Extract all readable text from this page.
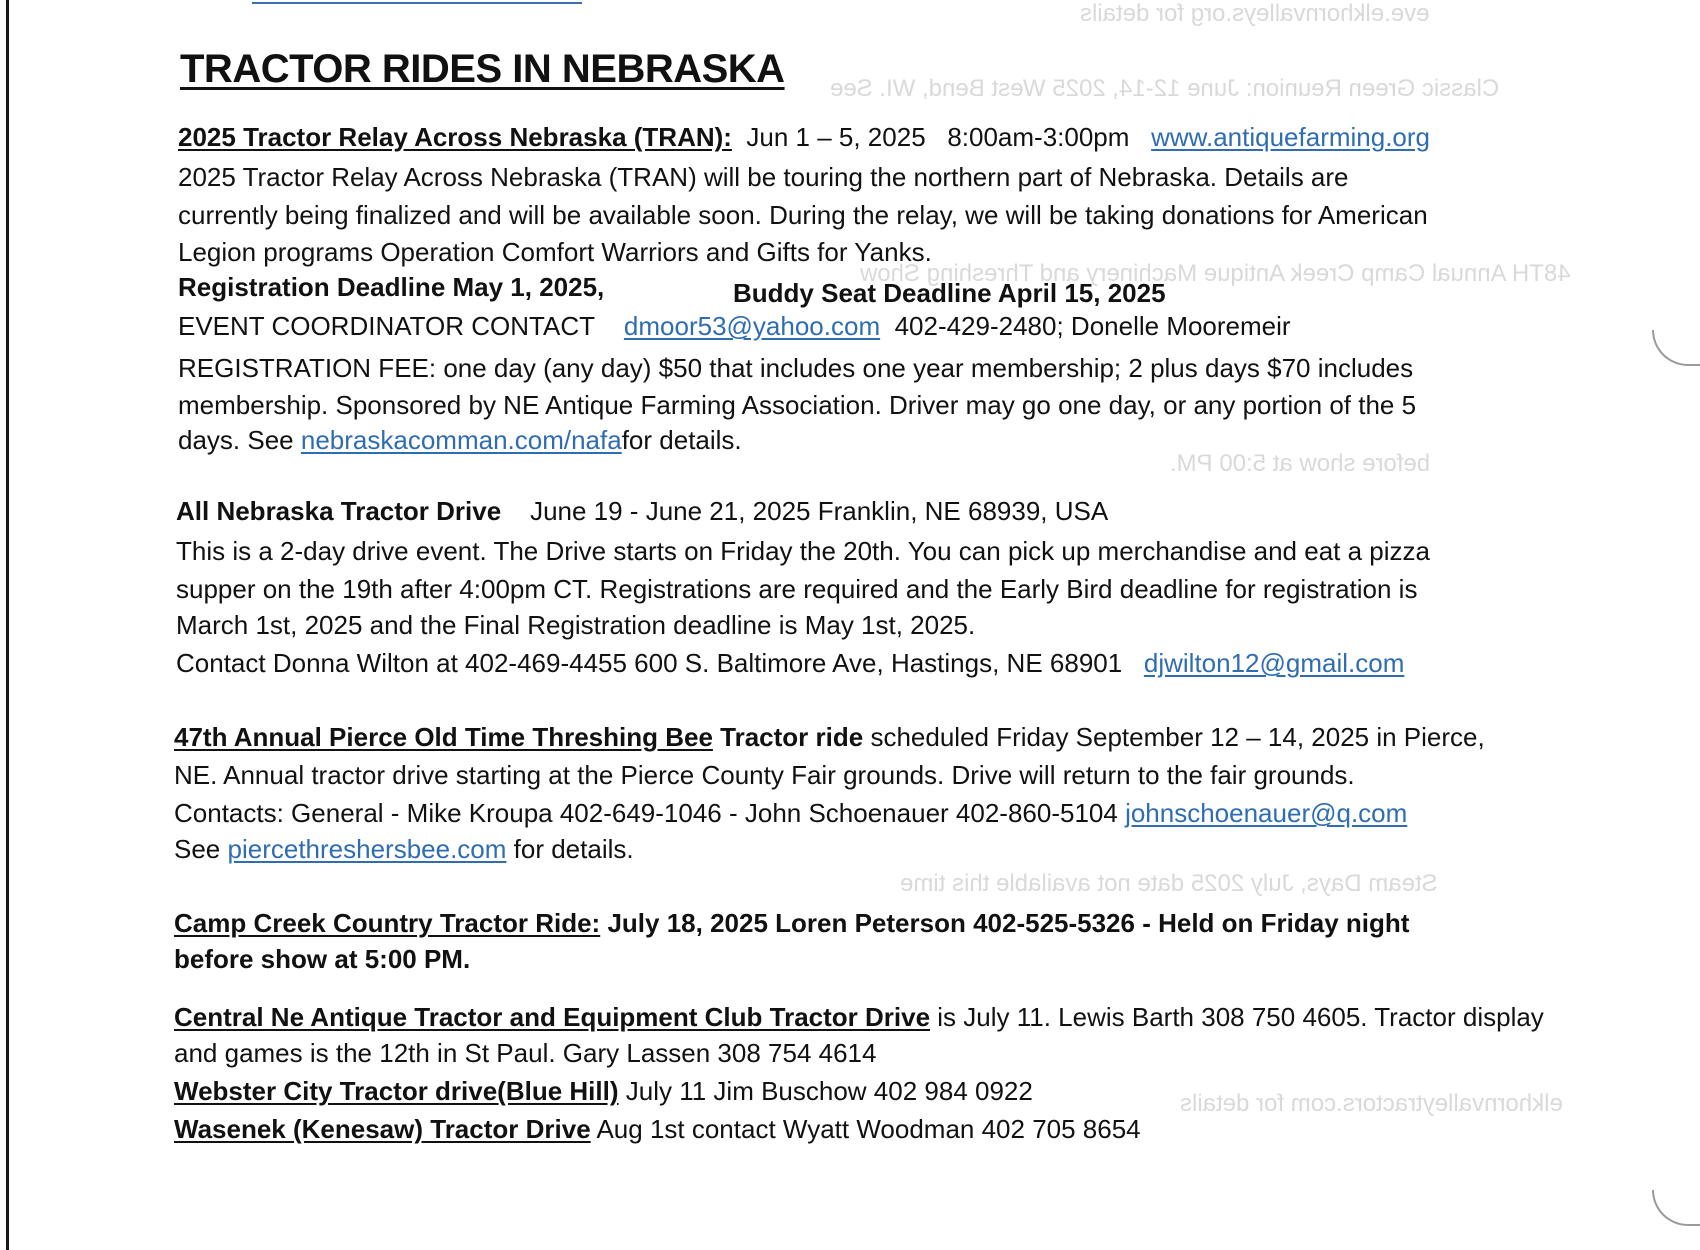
eve.elkhornvalleys.org for details
Classic Green Reunion: June 12-14, 2025 West Bend, WI. See
48TH Annual Camp Creek Antique Machinery and Threshing Show
before show at 5:00 PM.
Steam Days, July 2025 date not available this time
elkhornvalleytractors.com for details
TRACTOR RIDES IN NEBRASKA
2025 Tractor Relay Across Nebraska (TRAN): Jun 1 – 5, 2025   8:00am-3:00pm www.antiquefarming.org
2025 Tractor Relay Across Nebraska (TRAN) will be touring the northern part of Nebraska. Details are
currently being finalized and will be available soon. During the relay, we will be taking donations for American
Legion programs Operation Comfort Warriors and Gifts for Yanks.
Registration Deadline May 1, 2025,	Buddy Seat Deadline April 15, 2025
EVENT COORDINATOR CONTACT dmoor53@yahoo.com 402-429-2480; Donelle Mooremeir
REGISTRATION FEE: one day (any day) $50 that includes one year membership; 2 plus days $70 includes
membership. Sponsored by NE Antique Farming Association. Driver may go one day, or any portion of the 5
days. See nebraskacomman.com/nafafor details.
All Nebraska Tractor Drive June 19 - June 21, 2025 Franklin, NE 68939, USA
This is a 2-day drive event. The Drive starts on Friday the 20th. You can pick up merchandise and eat a pizza
supper on the 19th after 4:00pm CT. Registrations are required and the Early Bird deadline for registration is
March 1st, 2025 and the Final Registration deadline is May 1st, 2025.
Contact Donna Wilton at 402-469-4455 600 S. Baltimore Ave, Hastings, NE 68901 djwilton12@gmail.com
47th Annual Pierce Old Time Threshing Bee Tractor ride scheduled Friday September 12 – 14, 2025 in Pierce,
NE. Annual tractor drive starting at the Pierce County Fair grounds. Drive will return to the fair grounds.
Contacts: General - Mike Kroupa 402-649-1046 - John Schoenauer 402-860-5104 johnschoenauer@q.com
See piercethreshersbee.com for details.
Camp Creek Country Tractor Ride: July 18, 2025 Loren Peterson 402-525-5326 - Held on Friday night
before show at 5:00 PM.
Central Ne Antique Tractor and Equipment Club Tractor Drive is July 11. Lewis Barth 308 750 4605. Tractor display
and games is the 12th in St Paul. Gary Lassen 308 754 4614
Webster City Tractor drive(Blue Hill) July 11 Jim Buschow 402 984 0922
Wasenek (Kenesaw) Tractor Drive Aug 1st contact Wyatt Woodman 402 705 8654
